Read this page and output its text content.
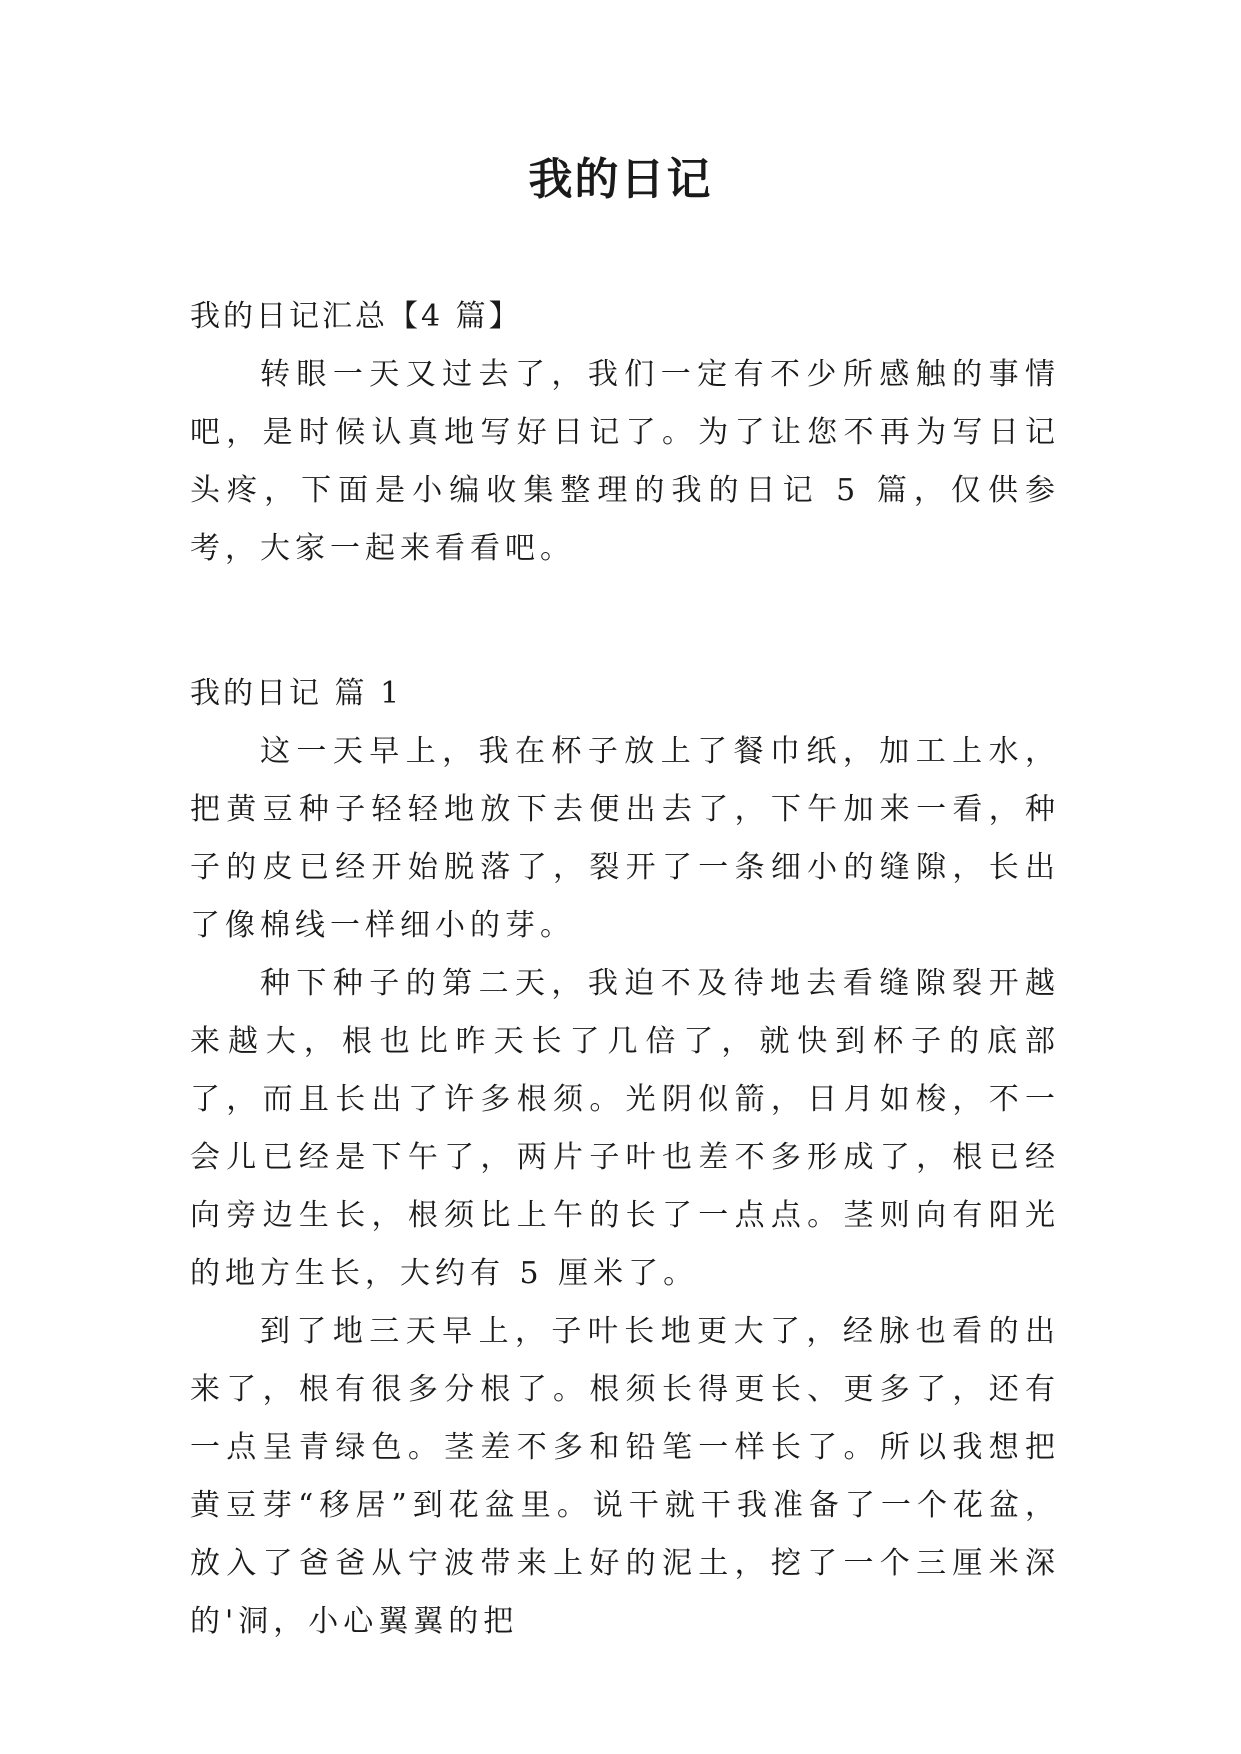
我的日记

我的日记汇总【4 篇】

转眼一天又过去了，我们一定有不少所感触的事情吧，是时候认真地写好日记了。为了让您不再为写日记头疼，下面是小编收集整理的我的日记 5 篇，仅供参考，大家一起来看看吧。

我的日记 篇 1

这一天早上，我在杯子放上了餐巾纸，加工上水，把黄豆种子轻轻地放下去便出去了，下午加来一看，种子的皮已经开始脱落了，裂开了一条细小的缝隙，长出了像棉线一样细小的芽。

种下种子的第二天，我迫不及待地去看缝隙裂开越来越大，根也比昨天长了几倍了，就快到杯子的底部了，而且长出了许多根须。光阴似箭，日月如梭，不一会儿已经是下午了，两片子叶也差不多形成了，根已经向旁边生长，根须比上午的长了一点点。茎则向有阳光的地方生长，大约有 5 厘米了。

到了地三天早上，子叶长地更大了，经脉也看的出来了，根有很多分根了。根须长得更长、更多了，还有一点呈青绿色。茎差不多和铅笔一样长了。所以我想把黄豆芽“移居”到花盆里。说干就干我准备了一个花盆，放入了爸爸从宁波带来上好的泥土，挖了一个三厘米深的'洞，小心翼翼的把
